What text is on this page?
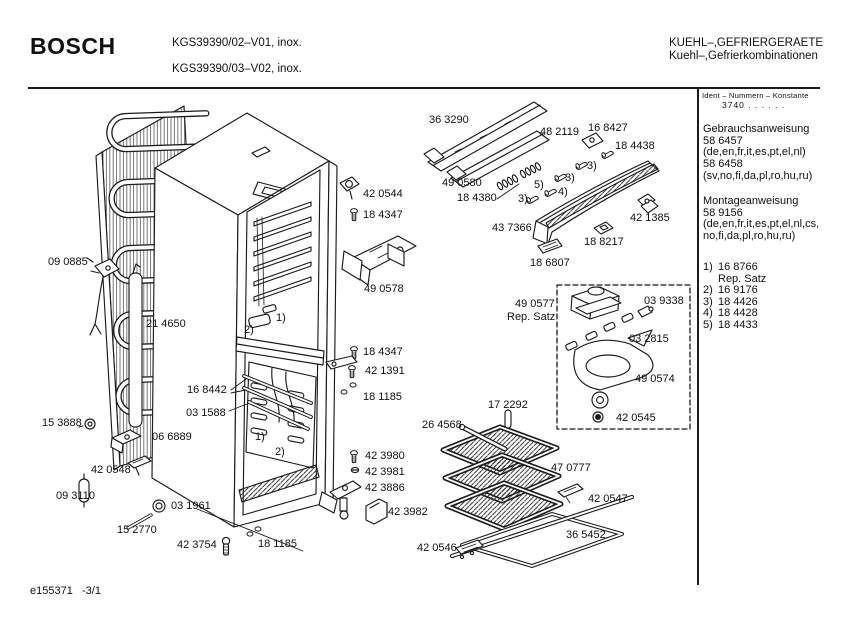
BOSCH	KGS39390/02–V01, inox.

KGS39390/03–V02, inox.
KUEHL–,GEFRIERGERAETE
Kuehl–,Gefrierkombinationen
Ident – Nummern – Konstante
3740 . . . . . .
Gebrauchsanweisung
58 6457
(de,en,fr,it,es,pt,el,nl)
58 6458
(sv,no,fi,da,pl,ro,hu,ru)
Montageanweisung
58 9156
(de,en,fr,it,es,pt,el,nl,cs,
no,fi,da,pl,ro,hu,ru)
1) 16 8766
Rep. Satz
2) 16 9176
3) 18 4426
4) 18 4428
5) 18 4433
e155371 -3/1
36 3290
49 0580
18 4380
48 2119 16 8427
18 4438
3)
3)
5)
4)
3)
42 0544
18 4347
43 7366
42 1385
18 8217
18 6807
49 0578
09 0885
21 4650
49 0577
Rep. Satz
03 9338
03 2815
49 0574
42 0545
18 4347
42 1391
18 1185
16 8442
03 1588
17 2292
26 4568
15 3888
06 6889
42 0548
09 3110
03 1961
42 3980
42 3981
42 3886
42 3982
15 2770
42 3754	18 1185	42 0546
47 0777
42 0547
36 5452
1)
2)
1)
2)
